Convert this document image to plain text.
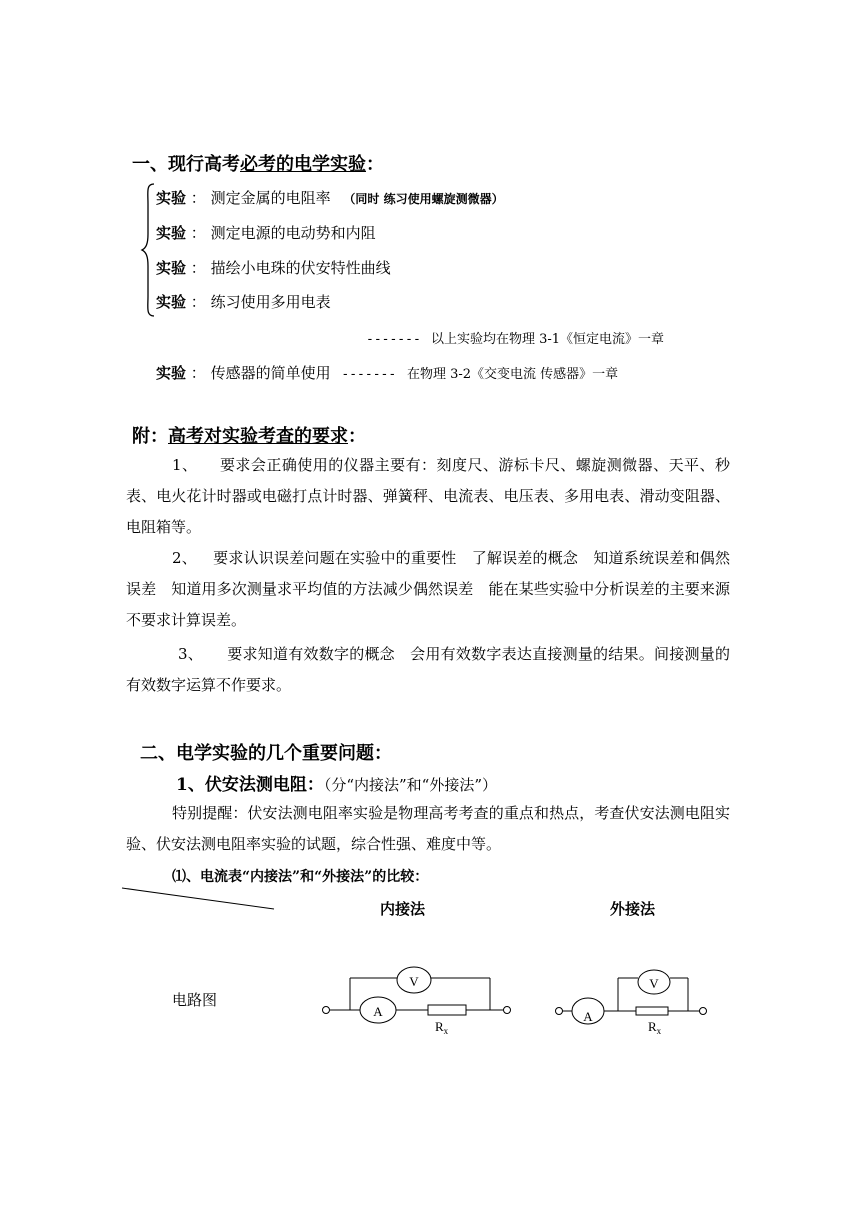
一、现行高考必考的电学实验：
实验 ： 测定金属的电阻率 （同时 练习使用螺旋测微器）
实验 ： 测定电源的电动势和内阻
实验 ： 描绘小电珠的伏安特性曲线
实验 ： 练习使用多用电表
------- 以上实验均在物理 3-1《恒定电流》一章
实验 ： 传感器的简单使用 ------- 在物理 3-2《交变电流 传感器》一章
附：高考对实验考查的要求：
1、 要求会正确使用的仪器主要有：刻度尺、游标卡尺、螺旋测微器、天平、秒表、电火花计时器或电磁打点计时器、弹簧秤、电流表、电压表、多用电表、滑动变阻器、电阻箱等。
2、 要求认识误差问题在实验中的重要性　了解误差的概念　知道系统误差和偶然误差　知道用多次测量求平均值的方法减少偶然误差　能在某些实验中分析误差的主要来源　不要求计算误差。
3、 要求知道有效数字的概念　会用有效数字表达直接测量的结果。间接测量的有效数字运算不作要求。
二、电学实验的几个重要问题：
1、伏安法测电阻：（分“内接法”和“外接法”）
特别提醒：伏安法测电阻率实验是物理高考考查的重点和热点，考查伏安法测电阻实验、伏安法测电阻率实验的试题，综合性强、难度中等。
⑴、电流表“内接法”和“外接法”的比较：
内接法	外接法
电路图
V
A
$R_x$
V
A
$R_x$
